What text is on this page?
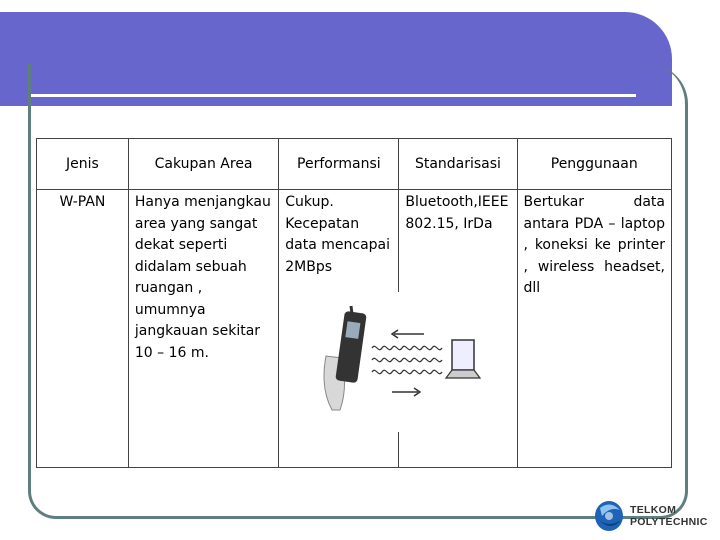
Jenis	Cakupan Area	Performansi	Standarisasi	Penggunaan

W-PAN	Hanya menjangkau area yang sangat dekat seperti didalam sebuah ruangan , umumnya jangkauan sekitar 10 – 16 m.	Cukup. Kecepatan data mencapai 2MBps	Bluetooth,IEEE 802.15, IrDa	Bertukar data antara PDA – laptop , koneksi ke printer , wireless headset, dll
TELKOM
POLYTECHNIC
